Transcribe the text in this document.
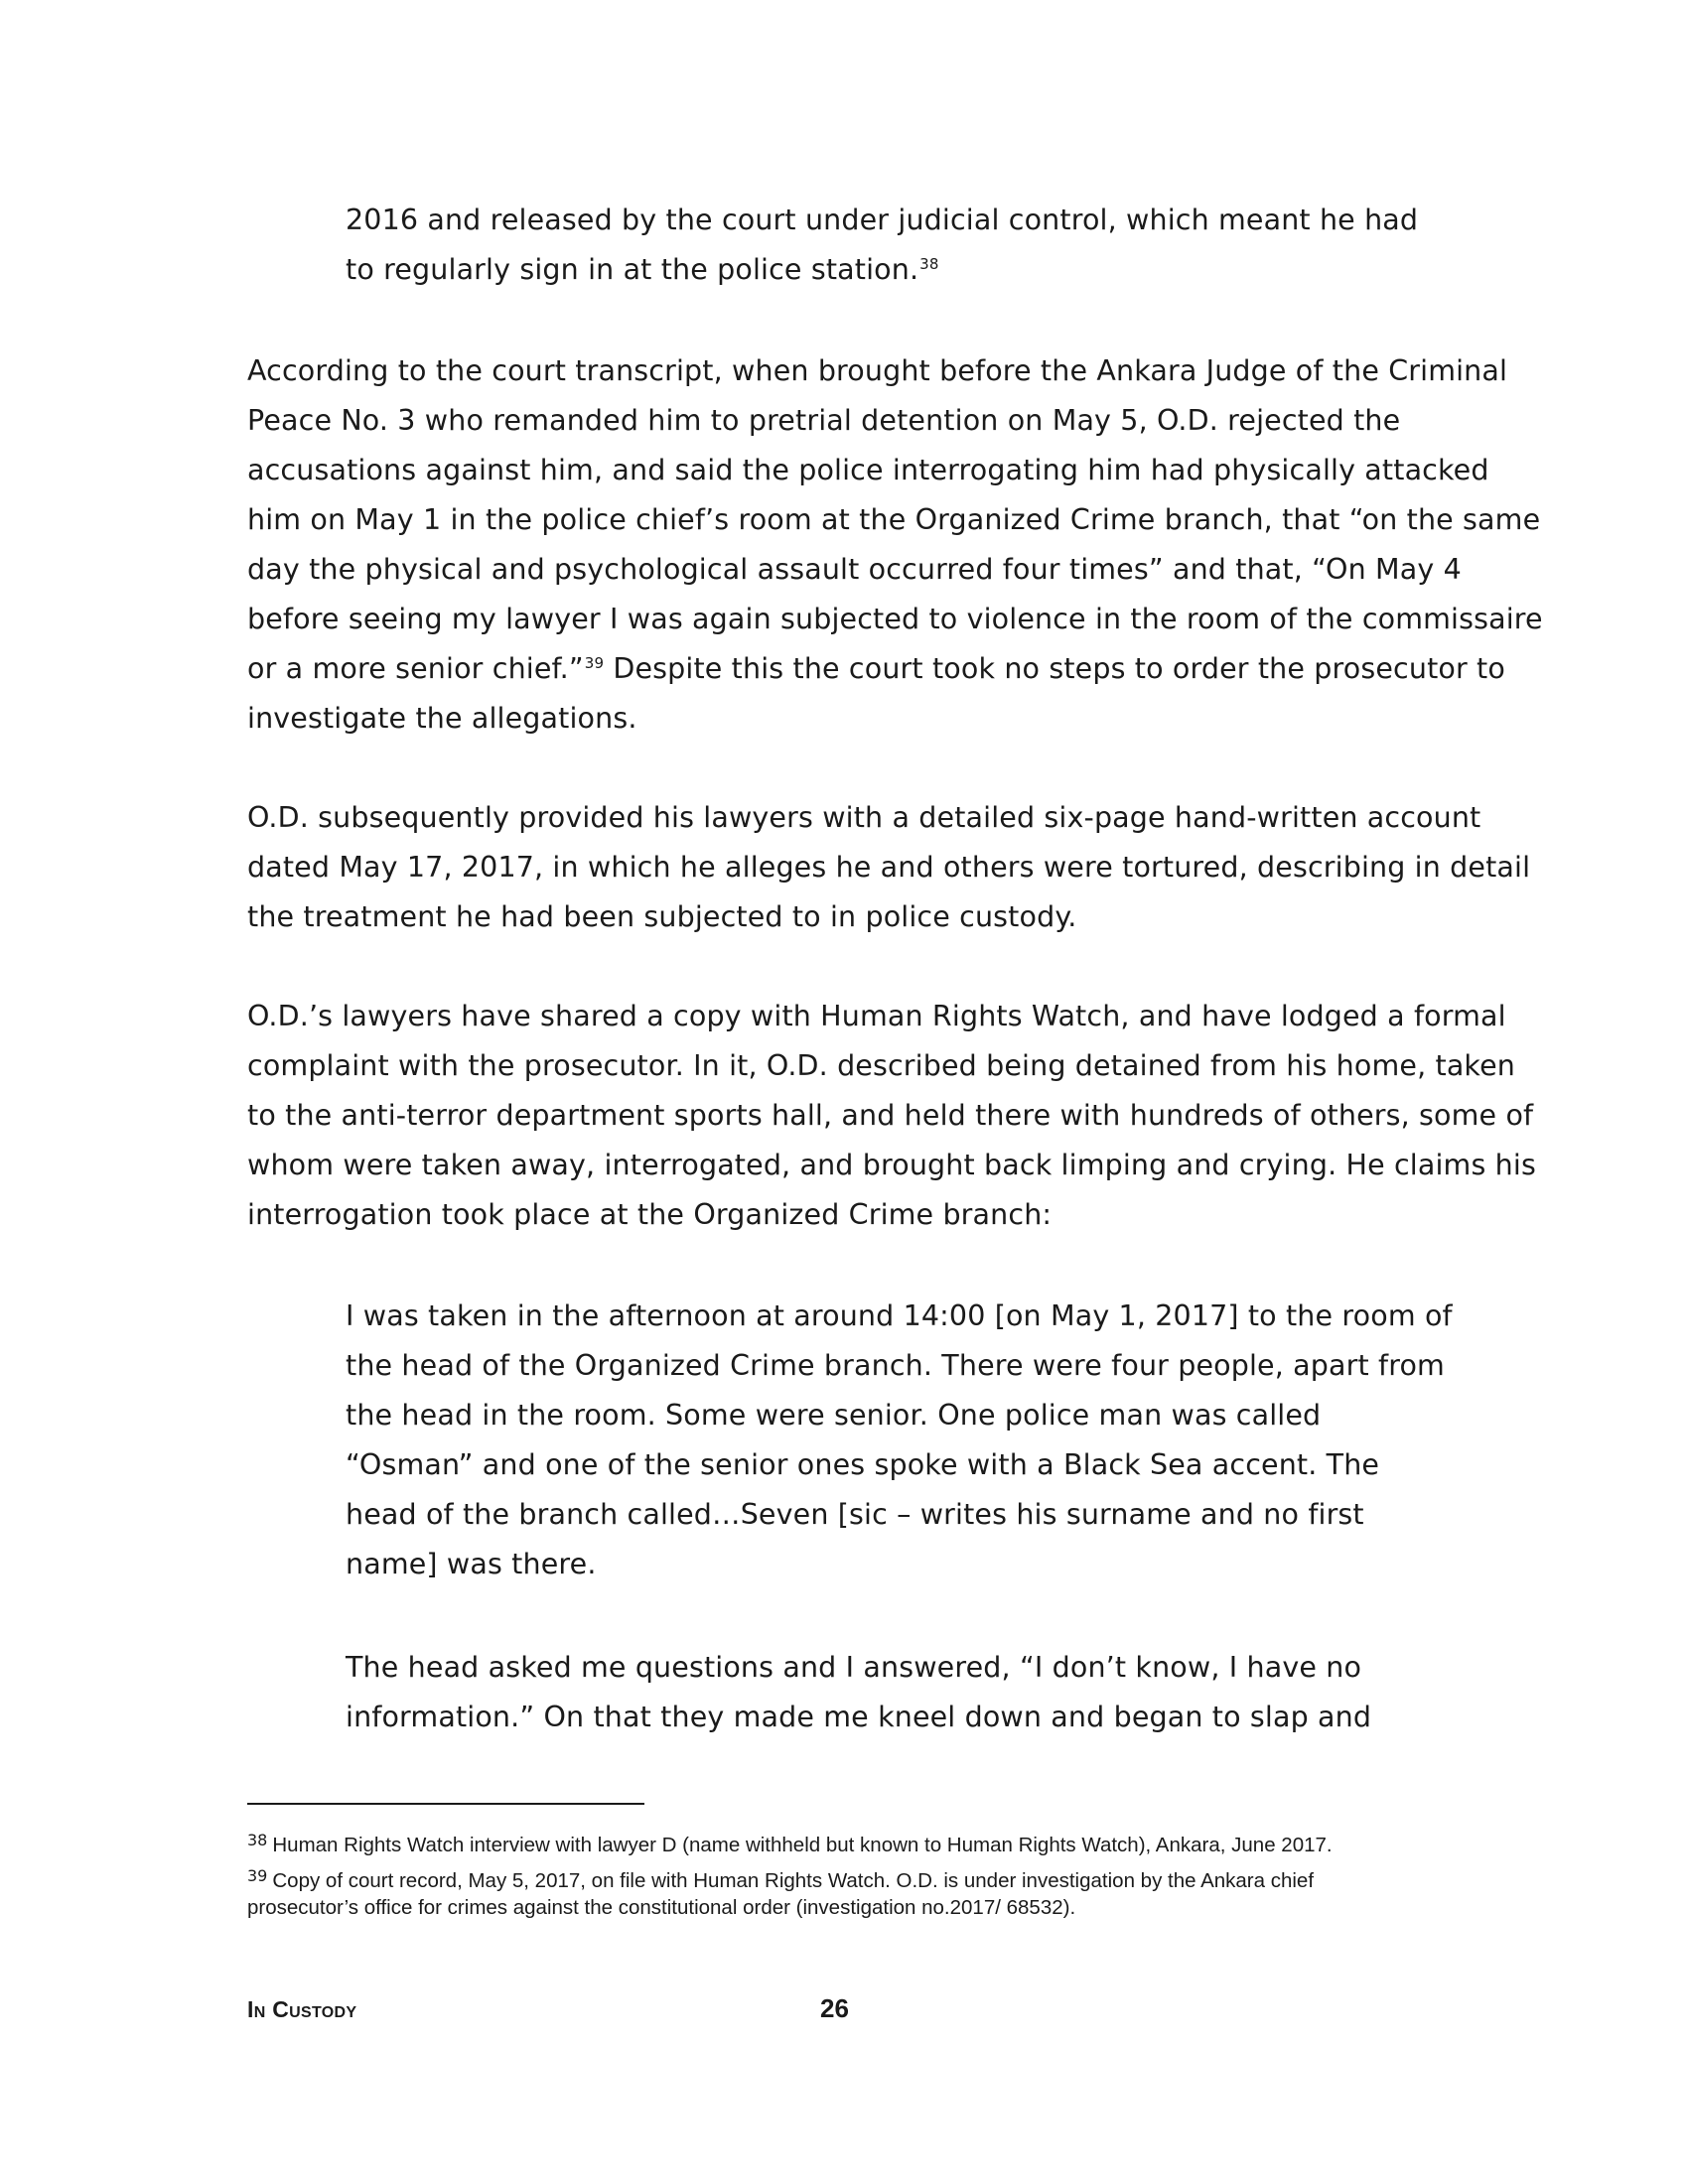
2016 and released by the court under judicial control, which meant he had
to regularly sign in at the police station.$^{38}$
According to the court transcript, when brought before the Ankara Judge of the Criminal
Peace No. 3 who remanded him to pretrial detention on May 5, O.D. rejected the
accusations against him, and said the police interrogating him had physically attacked
him on May 1 in the police chief’s room at the Organized Crime branch, that “on the same
day the physical and psychological assault occurred four times” and that, “On May 4
before seeing my lawyer I was again subjected to violence in the room of the commissaire
or a more senior chief.”$^{39}$ Despite this the court took no steps to order the prosecutor to
investigate the allegations.
O.D. subsequently provided his lawyers with a detailed six-page hand-written account
dated May 17, 2017, in which he alleges he and others were tortured, describing in detail
the treatment he had been subjected to in police custody.
O.D.’s lawyers have shared a copy with Human Rights Watch, and have lodged a formal
complaint with the prosecutor. In it, O.D. described being detained from his home, taken
to the anti-terror department sports hall, and held there with hundreds of others, some of
whom were taken away, interrogated, and brought back limping and crying. He claims his
interrogation took place at the Organized Crime branch:
I was taken in the afternoon at around 14:00 [on May 1, 2017] to the room of
the head of the Organized Crime branch. There were four people, apart from
the head in the room. Some were senior. One police man was called
“Osman” and one of the senior ones spoke with a Black Sea accent. The
head of the branch called…Seven [sic – writes his surname and no first
name] was there.
The head asked me questions and I answered, “I don’t know, I have no
information.” On that they made me kneel down and began to slap and
$^{38}$ Human Rights Watch interview with lawyer D (name withheld but known to Human Rights Watch), Ankara, June 2017.
$^{39}$ Copy of court record, May 5, 2017, on file with Human Rights Watch. O.D. is under investigation by the Ankara chief
prosecutor’s office for crimes against the constitutional order (investigation no.2017/ 68532).
In Custody	26
